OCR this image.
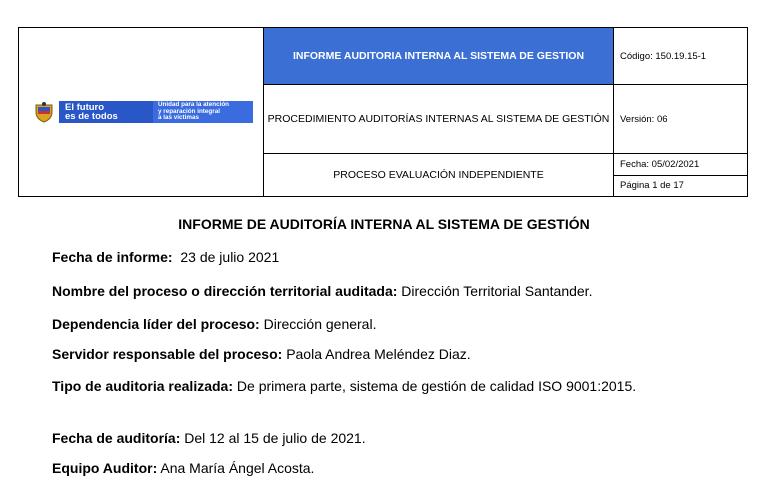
El futuro
es de todos
Unidad para la atención
y reparación integral
a las víctimas	INFORME AUDITORIA INTERNA AL SISTEMA DE GESTION	Código: 150.19.15-1
	PROCEDIMIENTO AUDITORÍAS INTERNAS AL SISTEMA DE GESTIÓN	Versión: 06
	PROCESO EVALUACIÓN INDEPENDIENTE	Fecha: 05/02/2021
Página 1 de 17
INFORME DE AUDITORÍA INTERNA AL SISTEMA DE GESTIÓN
Fecha de informe: 23 de julio 2021
Nombre del proceso o dirección territorial auditada: Dirección Territorial Santander.
Dependencia líder del proceso: Dirección general.
Servidor responsable del proceso: Paola Andrea Meléndez Diaz.
Tipo de auditoria realizada: De primera parte, sistema de gestión de calidad ISO 9001:2015.
Fecha de auditoría: Del 12 al 15 de julio de 2021.
Equipo Auditor: Ana María Ángel Acosta.
